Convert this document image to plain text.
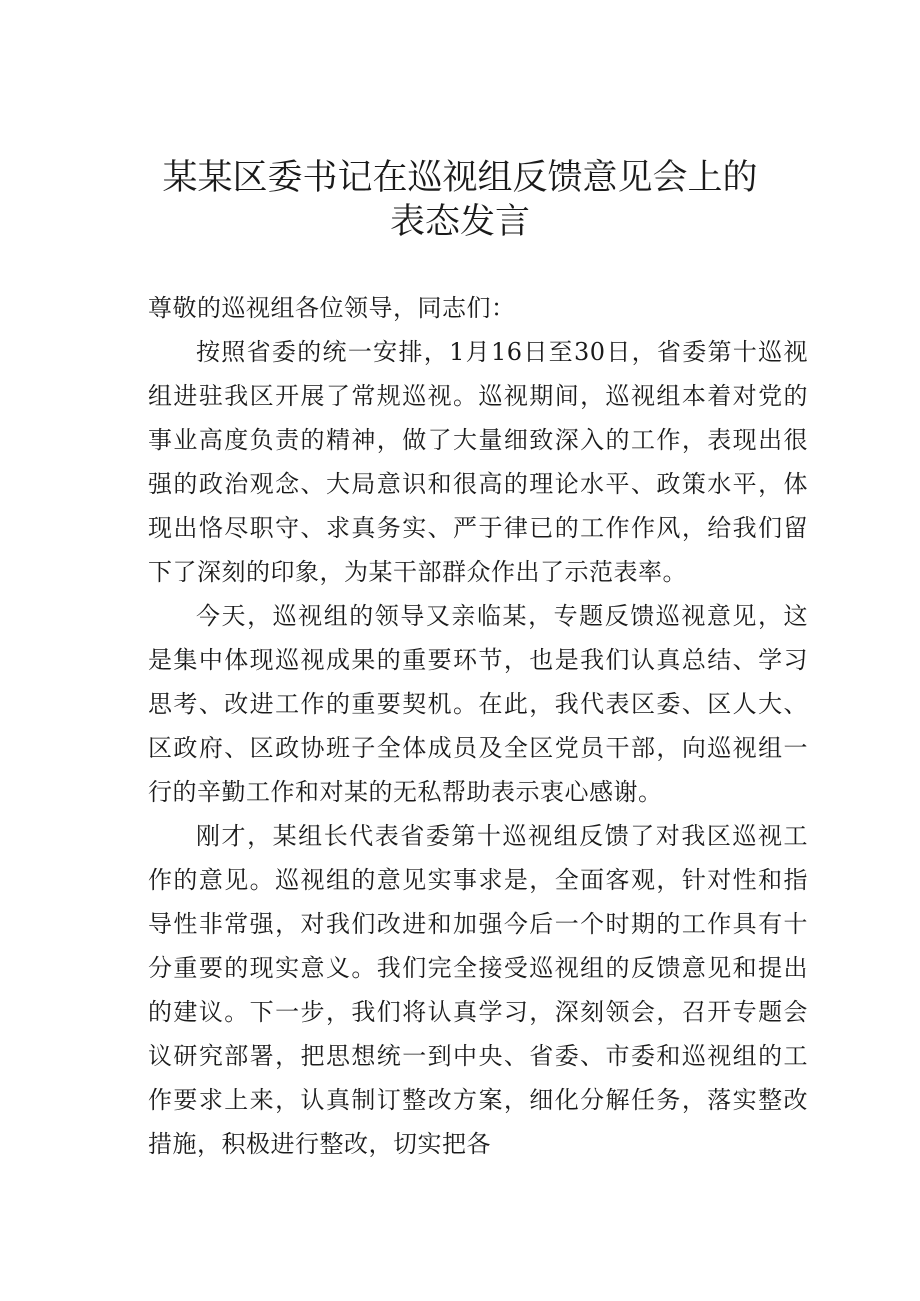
某某区委书记在巡视组反馈意见会上的
表态发言

尊敬的巡视组各位领导，同志们：

按照省委的统一安排，1月16日至30日，省委第十巡视组进驻我区开展了常规巡视。巡视期间，巡视组本着对党的事业高度负责的精神，做了大量细致深入的工作，表现出很强的政治观念、大局意识和很高的理论水平、政策水平，体现出恪尽职守、求真务实、严于律已的工作作风，给我们留下了深刻的印象，为某干部群众作出了示范表率。

今天，巡视组的领导又亲临某，专题反馈巡视意见，这是集中体现巡视成果的重要环节，也是我们认真总结、学习思考、改进工作的重要契机。在此，我代表区委、区人大、区政府、区政协班子全体成员及全区党员干部，向巡视组一行的辛勤工作和对某的无私帮助表示衷心感谢。

刚才，某组长代表省委第十巡视组反馈了对我区巡视工作的意见。巡视组的意见实事求是，全面客观，针对性和指导性非常强，对我们改进和加强今后一个时期的工作具有十分重要的现实意义。我们完全接受巡视组的反馈意见和提出的建议。下一步，我们将认真学习，深刻领会，召开专题会议研究部署，把思想统一到中央、省委、市委和巡视组的工作要求上来，认真制订整改方案，细化分解任务，落实整改措施，积极进行整改，切实把各
